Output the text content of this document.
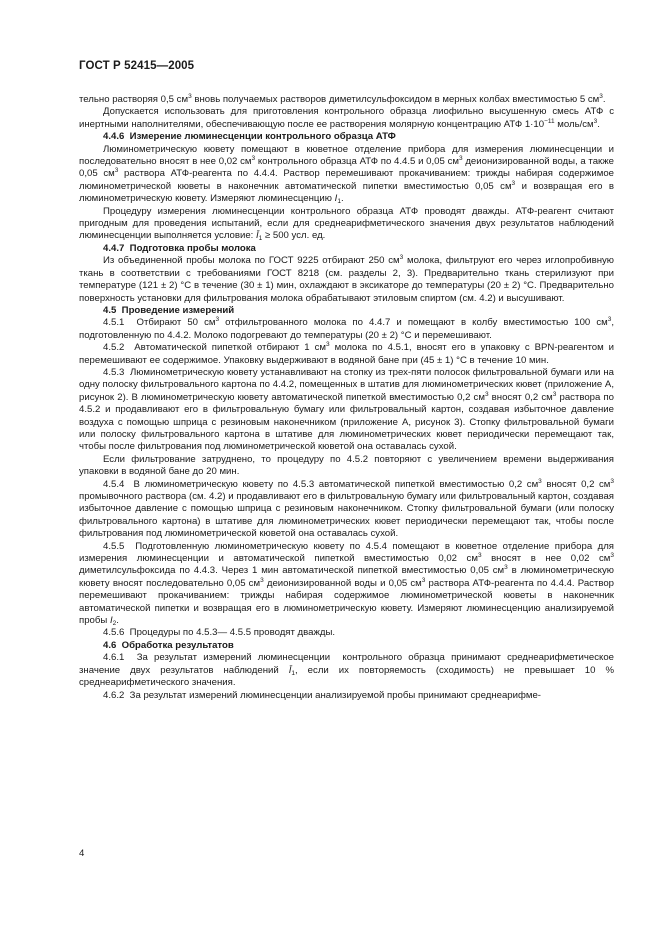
ГОСТ Р 52415—2005

тельно растворяя 0,5 $см^3$ вновь получаемых растворов диметилсульфоксидом в мерных колбах вместимостью 5 $см^3$.

Допускается использовать для приготовления контрольного образца лиофильно высушенную смесь АТФ с инертными наполнителями, обеспечивающую после ее растворения молярную концентрацию АТФ $1\cdot 10^{-11}$ моль/$см^3$.

4.4.6  Измерение люминесценции контрольного образца АТФ

Люминометрическую кювету помещают в кюветное отделение прибора для измерения люминесценции и последовательно вносят в нее 0,02 $см^3$ контрольного образца АТФ по 4.4.5 и 0,05 $см^3$ деионизированной воды, а также 0,05 $см^3$ раствора АТФ-реагента по 4.4.4. Раствор перемешивают прокачиванием: трижды набирая содержимое люминометрической кюветы в наконечник автоматической пипетки вместимостью 0,05 $см^3$ и возвращая его в люминометрическую кювету. Измеряют люминесценцию $I_1$.

Процедуру измерения люминесценции контрольного образца АТФ проводят дважды. АТФ-реагент считают пригодным для проведения испытаний, если для среднеарифметического значения двух результатов наблюдений люминесценции выполняется условие: $Ī_1 \ge 500$ усл. ед.

4.4.7  Подготовка пробы молока

Из объединенной пробы молока по ГОСТ 9225 отбирают 250 $см^3$ молока, фильтруют его через иглопробивную ткань в соответствии с требованиями ГОСТ 8218 (см. разделы 2, 3). Предварительно ткань стерилизуют при температуре (121 ± 2) °С в течение (30 ± 1) мин, охлаждают в эксикаторе до температуры (20 ± 2) °С. Предварительно поверхность установки для фильтрования молока обрабатывают этиловым спиртом (см. 4.2) и высушивают.

4.5  Проведение измерений

4.5.1  Отбирают 50 $см^3$ отфильтрованного молока по 4.4.7 и помещают в колбу вместимостью 100 $см^3$, подготовленную по 4.4.2. Молоко подогревают до температуры (20 ± 2) °С и перемешивают.

4.5.2  Автоматической пипеткой отбирают 1 $см^3$ молока по 4.5.1, вносят его в упаковку с BPN-реагентом и перемешивают ее содержимое. Упаковку выдерживают в водяной бане при (45 ± 1) °С в течение 10 мин.

4.5.3  Люминометрическую кювету устанавливают на стопку из трех-пяти полосок фильтровальной бумаги или на одну полоску фильтровального картона по 4.4.2, помещенных в штатив для люминометрических кювет (приложение А, рисунок 2). В люминометрическую кювету автоматической пипеткой вместимостью 0,2 $см^3$ вносят 0,2 $см^3$ раствора по 4.5.2 и продавливают его в фильтровальную бумагу или фильтровальный картон, создавая избыточное давление воздуха с помощью шприца с резиновым наконечником (приложение А, рисунок 3). Стопку фильтровальной бумаги или полоску фильтровального картона в штативе для люминометрических кювет периодически перемещают так, чтобы после фильтрования под люминометрической кюветой она оставалась сухой.

Если фильтрование затруднено, то процедуру по 4.5.2 повторяют с увеличением времени выдерживания упаковки в водяной бане до 20 мин.

4.5.4  В люминометрическую кювету по 4.5.3 автоматической пипеткой вместимостью 0,2 $см^3$ вносят 0,2 $см^3$ промывочного раствора (см. 4.2) и продавливают его в фильтровальную бумагу или фильтровальный картон, создавая избыточное давление с помощью шприца с резиновым наконечником. Стопку фильтровальной бумаги (или полоску фильтровального картона) в штативе для люминометрических кювет периодически перемещают так, чтобы после фильтрования под люминометрической кюветой она оставалась сухой.

4.5.5  Подготовленную люминометрическую кювету по 4.5.4 помещают в кюветное отделение прибора для измерения люминесценции и автоматической пипеткой вместимостью 0,02 $см^3$ вносят в нее 0,02 $см^3$ диметилсульфоксида по 4.4.3. Через 1 мин автоматической пипеткой вместимостью 0,05 $см^3$ в люминометрическую кювету вносят последовательно 0,05 $см^3$ деионизированной воды и 0,05 $см^3$ раствора АТФ-реагента по 4.4.4. Раствор перемешивают прокачиванием: трижды набирая содержимое люминометрической кюветы в наконечник автоматической пипетки и возвращая его в люминометрическую кювету. Измеряют люминесценцию анализируемой пробы $I_2$.

4.5.6  Процедуры по 4.5.3— 4.5.5 проводят дважды.

4.6  Обработка результатов

4.6.1  За результат измерений люминесценции  контрольного образца принимают среднеарифметическое значение двух результатов наблюдений $Ī_1$, если их повторяемость (сходимость) не превышает 10 % среднеарифметического значения.

4.6.2  За результат измерений люминесценции анализируемой пробы принимают среднеарифме-

4
